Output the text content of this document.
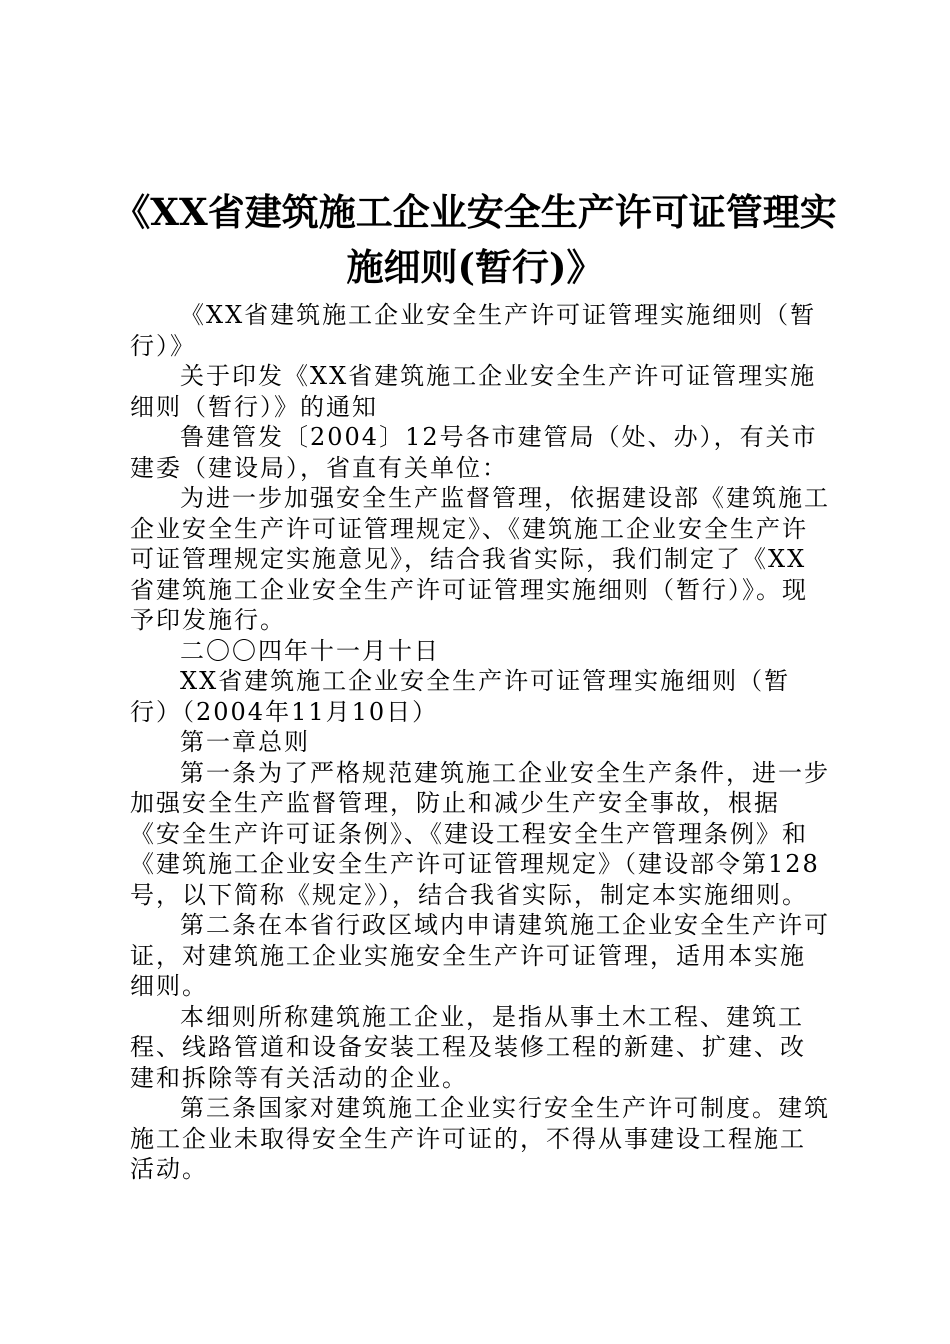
《XX省建筑施工企业安全生产许可证管理实
施细则(暂行)》

《XX省建筑施工企业安全生产许可证管理实施细则（暂行）》

关于印发《XX省建筑施工企业安全生产许可证管理实施细则（暂行）》的通知

鲁建管发〔2004〕12号各市建管局（处、办），有关市建委（建设局），省直有关单位：

为进一步加强安全生产监督管理，依据建设部《建筑施工企业安全生产许可证管理规定》、《建筑施工企业安全生产许可证管理规定实施意见》，结合我省实际，我们制定了《XX省建筑施工企业安全生产许可证管理实施细则（暂行）》。现予印发施行。

二〇〇四年十一月十日

XX省建筑施工企业安全生产许可证管理实施细则（暂行）（2004年11月10日）

第一章总则

第一条为了严格规范建筑施工企业安全生产条件，进一步加强安全生产监督管理，防止和减少生产安全事故，根据《安全生产许可证条例》、《建设工程安全生产管理条例》和《建筑施工企业安全生产许可证管理规定》（建设部令第128号，以下简称《规定》），结合我省实际，制定本实施细则。

第二条在本省行政区域内申请建筑施工企业安全生产许可证，对建筑施工企业实施安全生产许可证管理，适用本实施细则。

本细则所称建筑施工企业，是指从事土木工程、建筑工程、线路管道和设备安装工程及装修工程的新建、扩建、改建和拆除等有关活动的企业。

第三条国家对建筑施工企业实行安全生产许可制度。建筑施工企业未取得安全生产许可证的，不得从事建设工程施工活动。
